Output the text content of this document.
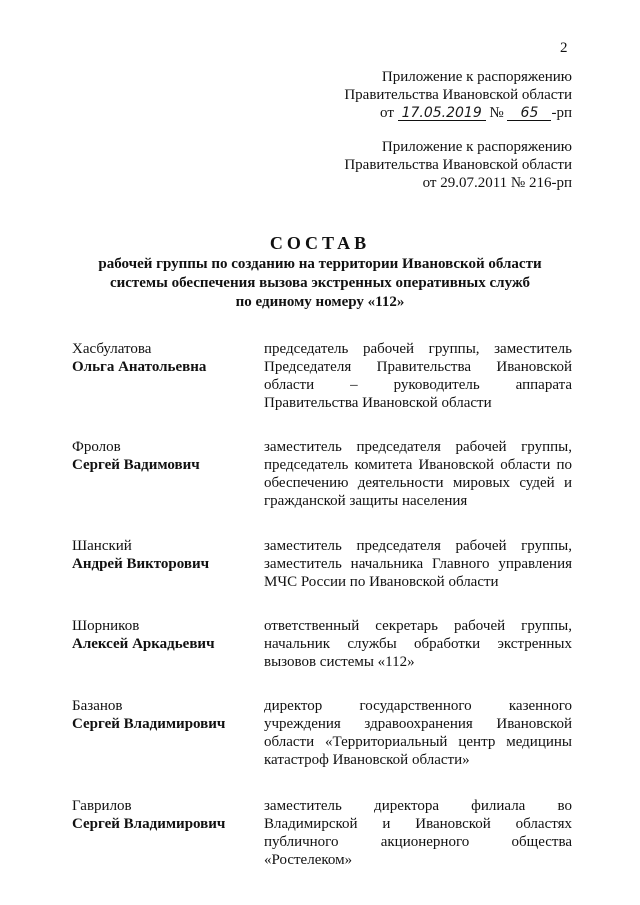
2
Приложение к распоряжению
Правительства Ивановской области
от 17.05.2019 № 65 -рп
Приложение к распоряжению
Правительства Ивановской области
от 29.07.2011 № 216-рп
СОСТАВ
рабочей группы по созданию на территории Ивановской области
системы обеспечения вызова экстренных оперативных служб
по единому номеру «112»
Хасбулатова
Ольга Анатольевна
председатель рабочей группы, заместитель Председателя Правительства Ивановской области – руководитель аппарата Правительства Ивановской области
Фролов
Сергей Вадимович
заместитель председателя рабочей группы, председатель комитета Ивановской области по обеспечению деятельности мировых судей и гражданской защиты населения
Шанский
Андрей Викторович
заместитель председателя рабочей группы, заместитель начальника Главного управления МЧС России по Ивановской области
Шорников
Алексей Аркадьевич
ответственный секретарь рабочей группы, начальник службы обработки экстренных вызовов системы «112»
Базанов
Сергей Владимирович
директор государственного казенного учреждения здравоохранения Ивановской области «Территориальный центр медицины катастроф Ивановской области»
Гаврилов
Сергей Владимирович
заместитель директора филиала во Владимирской и Ивановской областях публичного акционерного общества «Ростелеком»
